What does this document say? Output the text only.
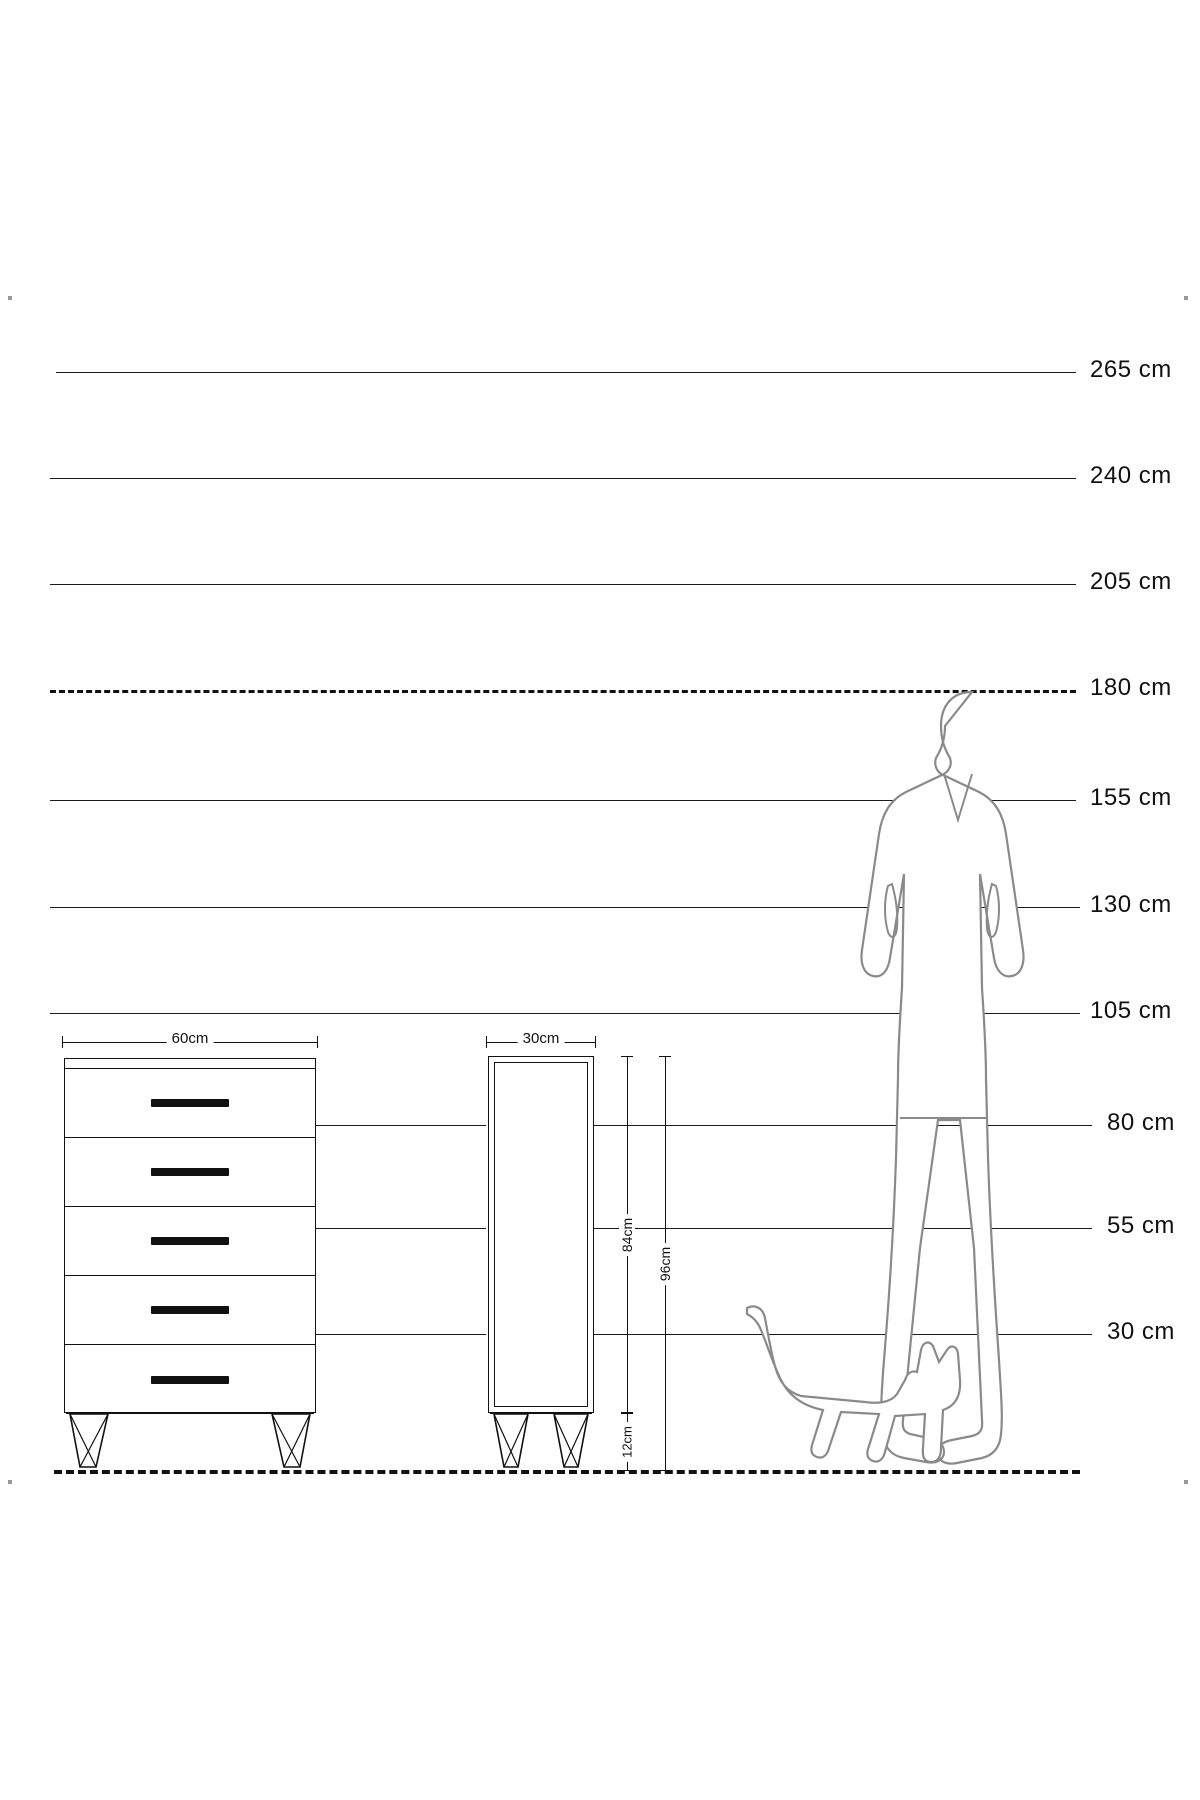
265 cm
240 cm
205 cm
180 cm
155 cm
130 cm
105 cm
80 cm
55 cm
30 cm
60cm	30cm
84cm
12cm
96cm
